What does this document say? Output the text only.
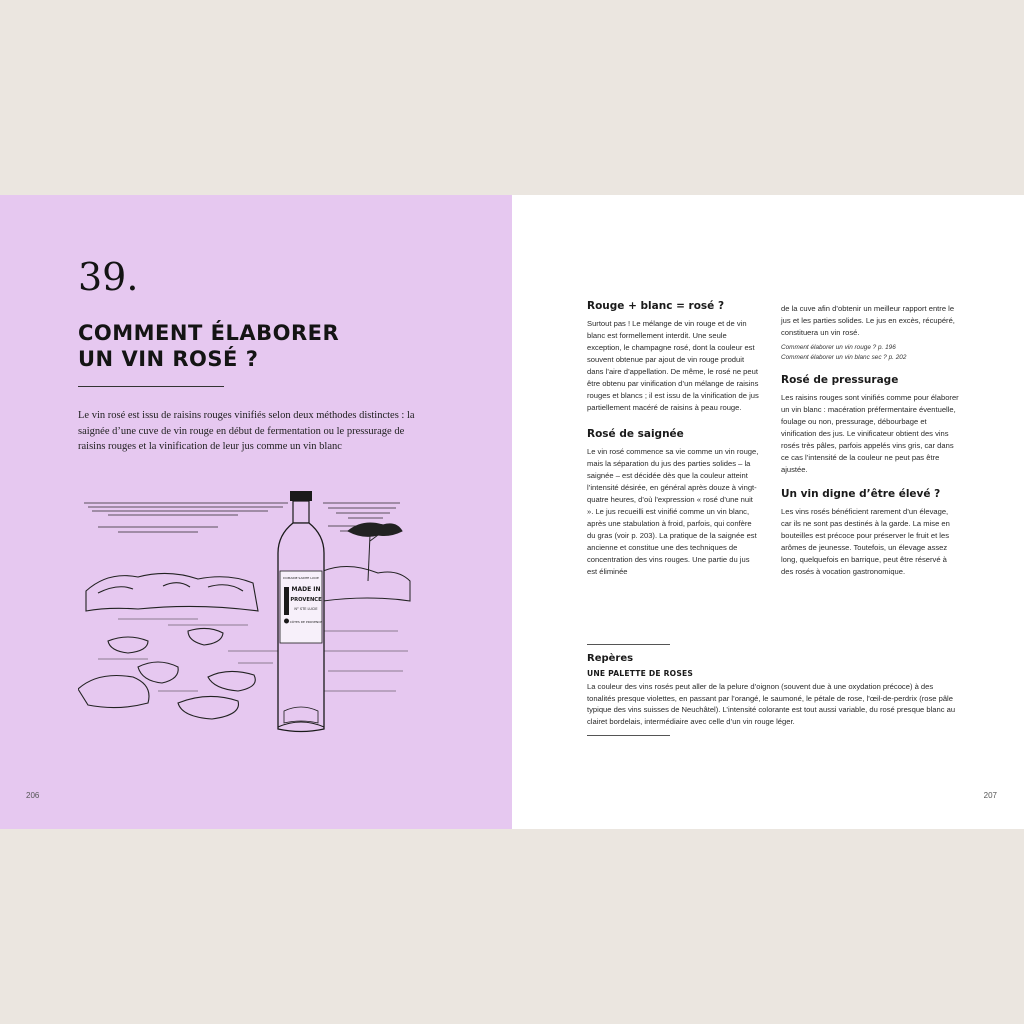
39.
COMMENT ÉLABORER
UN VIN ROSÉ ?

Le vin rosé est issu de raisins rouges vinifiés selon deux méthodes distinctes : la saignée d’une cuve de vin rouge en début de fermentation ou le pressurage de raisins rouges et la vinification de leur jus comme un vin blanc

DOMAINE SAINTE LUCIE
MADE IN
PROVENCE
N° STE LUCIE
CÔTES DE PROVENCE
206
Rouge + blanc = rosé ?

Surtout pas ! Le mélange de vin rouge et de vin blanc est formellement interdit. Une seule exception, le champagne rosé, dont la couleur est souvent obtenue par ajout de vin rouge produit dans l’aire d’appellation. De même, le rosé ne peut être obtenu par vinification d’un mélange de raisins rouges et blancs ; il est issu de la vinification de jus partiellement macéré de raisins à peau rouge.

Rosé de saignée

Le vin rosé commence sa vie comme un vin rouge, mais la séparation du jus des parties solides – la saignée – est décidée dès que la couleur atteint l’intensité désirée, en général après douze à vingt-quatre heures, d’où l’expression « rosé d’une nuit ». Le jus recueilli est vinifié comme un vin blanc, après une stabulation à froid, parfois, qui confère du gras (voir p. 203). La pratique de la saignée est ancienne et constitue une des techniques de concentration des vins rouges. Une partie du jus est éliminée

de la cuve afin d’obtenir un meilleur rapport entre le jus et les parties solides. Le jus en excès, récupéré, constituera un vin rosé.

Comment élaborer un vin rouge ? p. 196

Comment élaborer un vin blanc sec ? p. 202

Rosé de pressurage

Les raisins rouges sont vinifiés comme pour élaborer un vin blanc : macération préfermentaire éventuelle, foulage ou non, pressurage, débourbage et vinification des jus. Le vinificateur obtient des vins rosés très pâles, parfois appelés vins gris, car dans ce cas l’intensité de la couleur ne peut pas être ajustée.

Un vin digne d’être élevé ?

Les vins rosés bénéficient rarement d’un élevage, car ils ne sont pas destinés à la garde. La mise en bouteilles est précoce pour préserver le fruit et les arômes de jeunesse. Toutefois, un élevage assez long, quelquefois en barrique, peut être réservé à des rosés à vocation gastronomique.

Repères
UNE PALETTE DE ROSES

La couleur des vins rosés peut aller de la pelure d’oignon (souvent due à une oxydation précoce) à des tonalités presque violettes, en passant par l’orangé, le saumoné, le pétale de rose, l’œil-de-perdrix (rose pâle typique des vins suisses de Neuchâtel). L’intensité colorante est tout aussi variable, du rosé presque blanc au clairet bordelais, intermédiaire avec celle d’un vin rouge léger.

207
